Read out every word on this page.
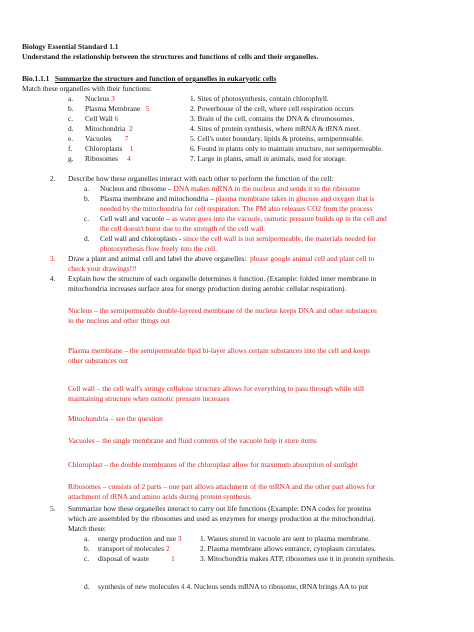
Biology Essential Standard 1.1
Understand the relationship between the structures and functions of cells and their organelles.
Bio.1.1.1 Summarize the structure and function of organelles in eukaryotic cells
Match these organelles with their functions:
a. Nucleus 3	1. Sites of photosynthesis, contain chlorophyll.
b. Plasma Membrane 5	2. Powerhouse of the cell, where cell respiration occurs
c. Cell Wall 6	3. Brain of the cell, contains the DNA & chromosomes.
d. Mitochondria 2	4. Sites of protein synthesis, where mRNA & tRNA meet.
e. Vacuoles 7	5. Cell's outer boundary, lipids & proteins, semipermeable.
f. Chloroplasts 1	6. Found in plants only to maintain structure, not semipermeable.
g. Ribosomes 4	7. Large in plants, small in animals, used for storage.
2. Describe how these organelles interact with each other to perform the function of the cell:
a. Nucleus and ribosome – DNA makes mRNA in the nucleus and sends it to the ribosome
b. Plasma membrane and mitochondria – plasma membrane takes in glucose and oxygen that is
needed by the mitochondria for cell respiration. The PM also releases CO2 from the process
c. Cell wall and vacuole – as water goes into the vacuole, osmotic pressure builds up in the cell and
the cell doesn't burst due to the strength of the cell wall.
d. Cell wall and chloroplasts - since the cell wall is not semipermeable, the materials needed for
photosynthesis flow freely into the cell.
3. Draw a plant and animal cell and label the above organelles: please google animal cell and plant cell to
check your drawings!!!
4. Explain how the structure of each organelle determines it function. (Example: folded inner membrane in
mitochondria increases surface area for energy production during aerobic cellular respiration).
Nucleus – the semipermeable double-layered membrane of the nucleus keeps DNA and other substances
in the nucleus and other things out
Plasma membrane – the semipermeable lipid bi-layer allows certain substances into the cell and keeps
other substances out
Cell wall – the cell wall's stringy cellulose structure allows for everything to pass through while still
maintaining structure when osmotic pressure increases
Mitochondria – see the question
Vacuoles – the single membrane and fluid contents of the vacuole help it store items
Chloroplast – the double membranes of the chloroplast allow for maximum absorption of sunlight
Ribosomes – consists of 2 parts – one part allows attachment of the mRNA and the other part allows for
attachment of tRNA and amino acids during protein synthesis.
5. Summarize how these organelles interact to carry out life functions (Example: DNA codes for proteins
which are assembled by the ribosomes and used as enzymes for energy production at the mitochondria).
Match these:
a. energy production and use 3 1. Wastes stored in vacuole are sent to plasma membrane.
b. transport of molecules 2	2. Plasma membrane allows entrance, cytoplasm circulates.
c. disposal of waste	1	3. Mitochondria makes ATP, ribosomes use it in protein synthesis.
d. synthesis of new molecules 4 4. Nucleus sends mRNA to ribosome, tRNA brings AA to put
